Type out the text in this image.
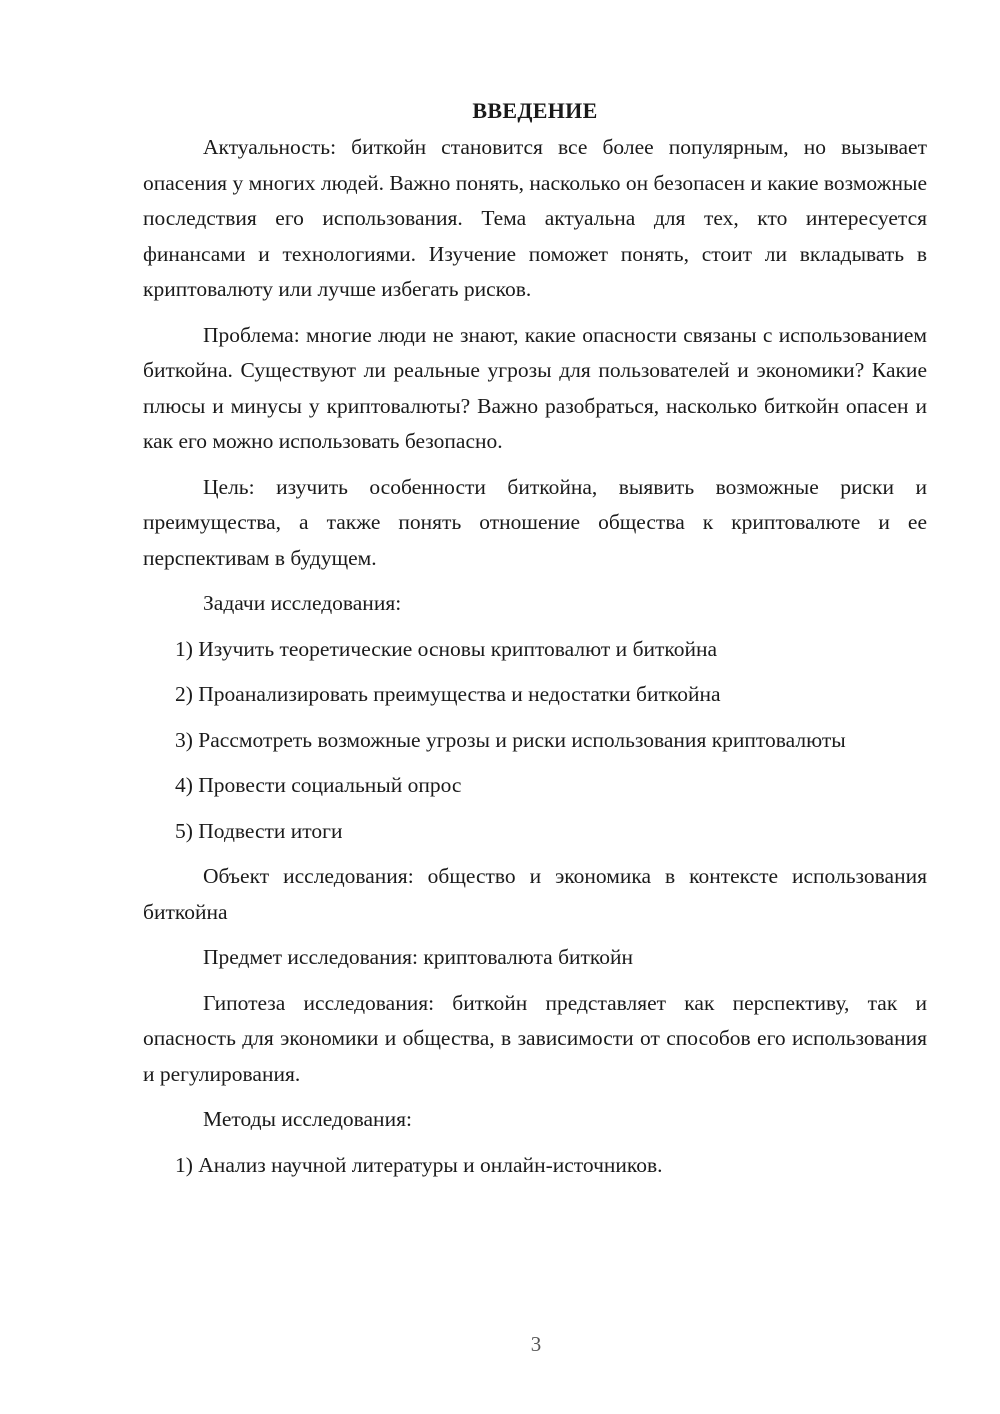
ВВЕДЕНИЕ

Актуальность: биткойн становится все более популярным, но вызывает опасения у многих людей. Важно понять, насколько он безопасен и какие возможные последствия его использования. Тема актуальна для тех, кто интересуется финансами и технологиями. Изучение поможет понять, стоит ли вкладывать в криптовалюту или лучше избегать рисков.

Проблема: многие люди не знают, какие опасности связаны с использованием биткойна. Существуют ли реальные угрозы для пользователей и экономики? Какие плюсы и минусы у криптовалюты? Важно разобраться, насколько биткойн опасен и как его можно использовать безопасно.

Цель: изучить особенности биткойна, выявить возможные риски и преимущества, а также понять отношение общества к криптовалюте и ее перспективам в будущем.

Задачи исследования:

1) Изучить теоретические основы криптовалют и биткойна

2) Проанализировать преимущества и недостатки биткойна

3) Рассмотреть возможные угрозы и риски использования криптовалюты

4) Провести социальный опрос

5) Подвести итоги

Объект исследования: общество и экономика в контексте использования биткойна

Предмет исследования: криптовалюта биткойн

Гипотеза исследования: биткойн представляет как перспективу, так и опасность для экономики и общества, в зависимости от способов его использования и регулирования.

Методы исследования:

1) Анализ научной литературы и онлайн-источников.

3
